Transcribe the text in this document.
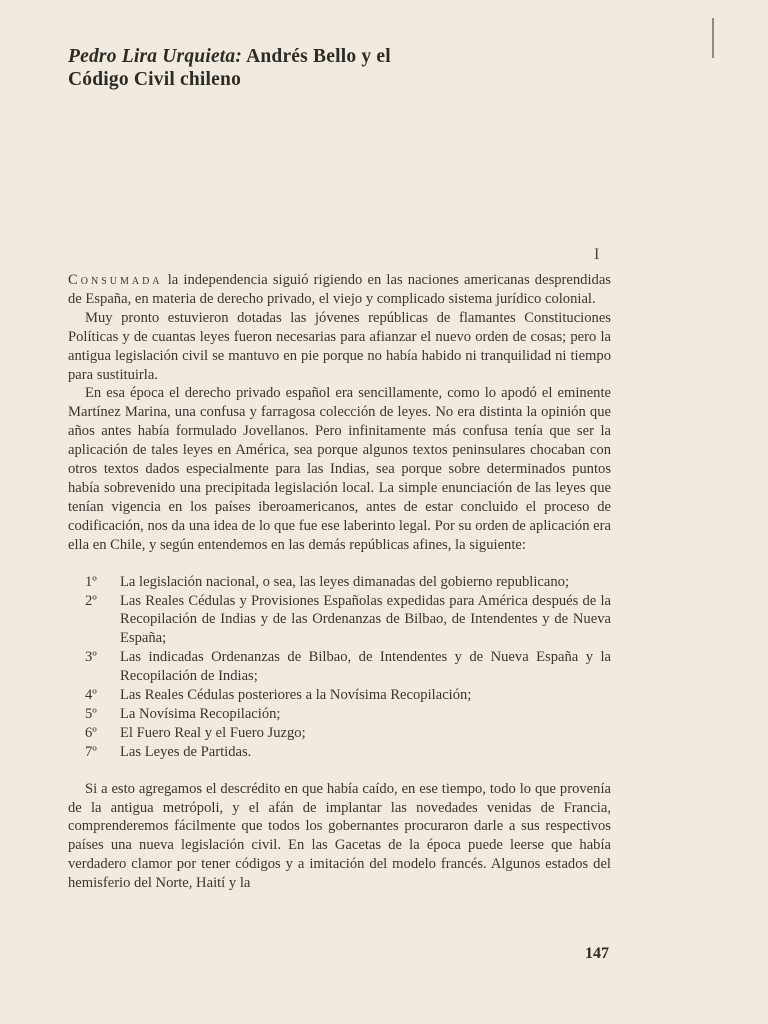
Pedro Lira Urquieta: Andrés Bello y el
Código Civil chileno
I

Consumada la independencia siguió rigiendo en las naciones americanas desprendidas de España, en materia de derecho privado, el viejo y complicado sistema jurídico colonial.

Muy pronto estuvieron dotadas las jóvenes repúblicas de flamantes Constituciones Políticas y de cuantas leyes fueron necesarias para afianzar el nuevo orden de cosas; pero la antigua legislación civil se mantuvo en pie porque no había habido ni tranquilidad ni tiempo para sustituirla.

En esa época el derecho privado español era sencillamente, como lo apodó el eminente Martínez Marina, una confusa y farragosa colección de leyes. No era distinta la opinión que años antes había formulado Jovellanos. Pero infinitamente más confusa tenía que ser la aplicación de tales leyes en América, sea porque algunos textos peninsulares chocaban con otros textos dados especialmente para las Indias, sea porque sobre determinados puntos había sobrevenido una precipitada legislación local. La simple enunciación de las leyes que tenían vigencia en los países iberoamericanos, antes de estar concluido el proceso de codificación, nos da una idea de lo que fue ese laberinto legal. Por su orden de aplicación era ella en Chile, y según entendemos en las demás repúblicas afines, la siguiente:

1º	La legislación nacional, o sea, las leyes dimanadas del gobierno republicano;
2º	Las Reales Cédulas y Provisiones Españolas expedidas para América después de la Recopilación de Indias y de las Ordenanzas de Bilbao, de Intendentes y de Nueva España;
3º	Las indicadas Ordenanzas de Bilbao, de Intendentes y de Nueva España y la Recopilación de Indias;
4º	Las Reales Cédulas posteriores a la Novísima Recopilación;
5º	La Novísima Recopilación;
6º	El Fuero Real y el Fuero Juzgo;
7º	Las Leyes de Partidas.

Si a esto agregamos el descrédito en que había caído, en ese tiempo, todo lo que provenía de la antigua metrópoli, y el afán de implantar las novedades venidas de Francia, comprenderemos fácilmente que todos los gobernantes procuraron darle a sus respectivos países una nueva legislación civil. En las Gacetas de la época puede leerse que había verdadero clamor por tener códigos y a imitación del modelo francés. Algunos estados del hemisferio del Norte, Haití y la

147
